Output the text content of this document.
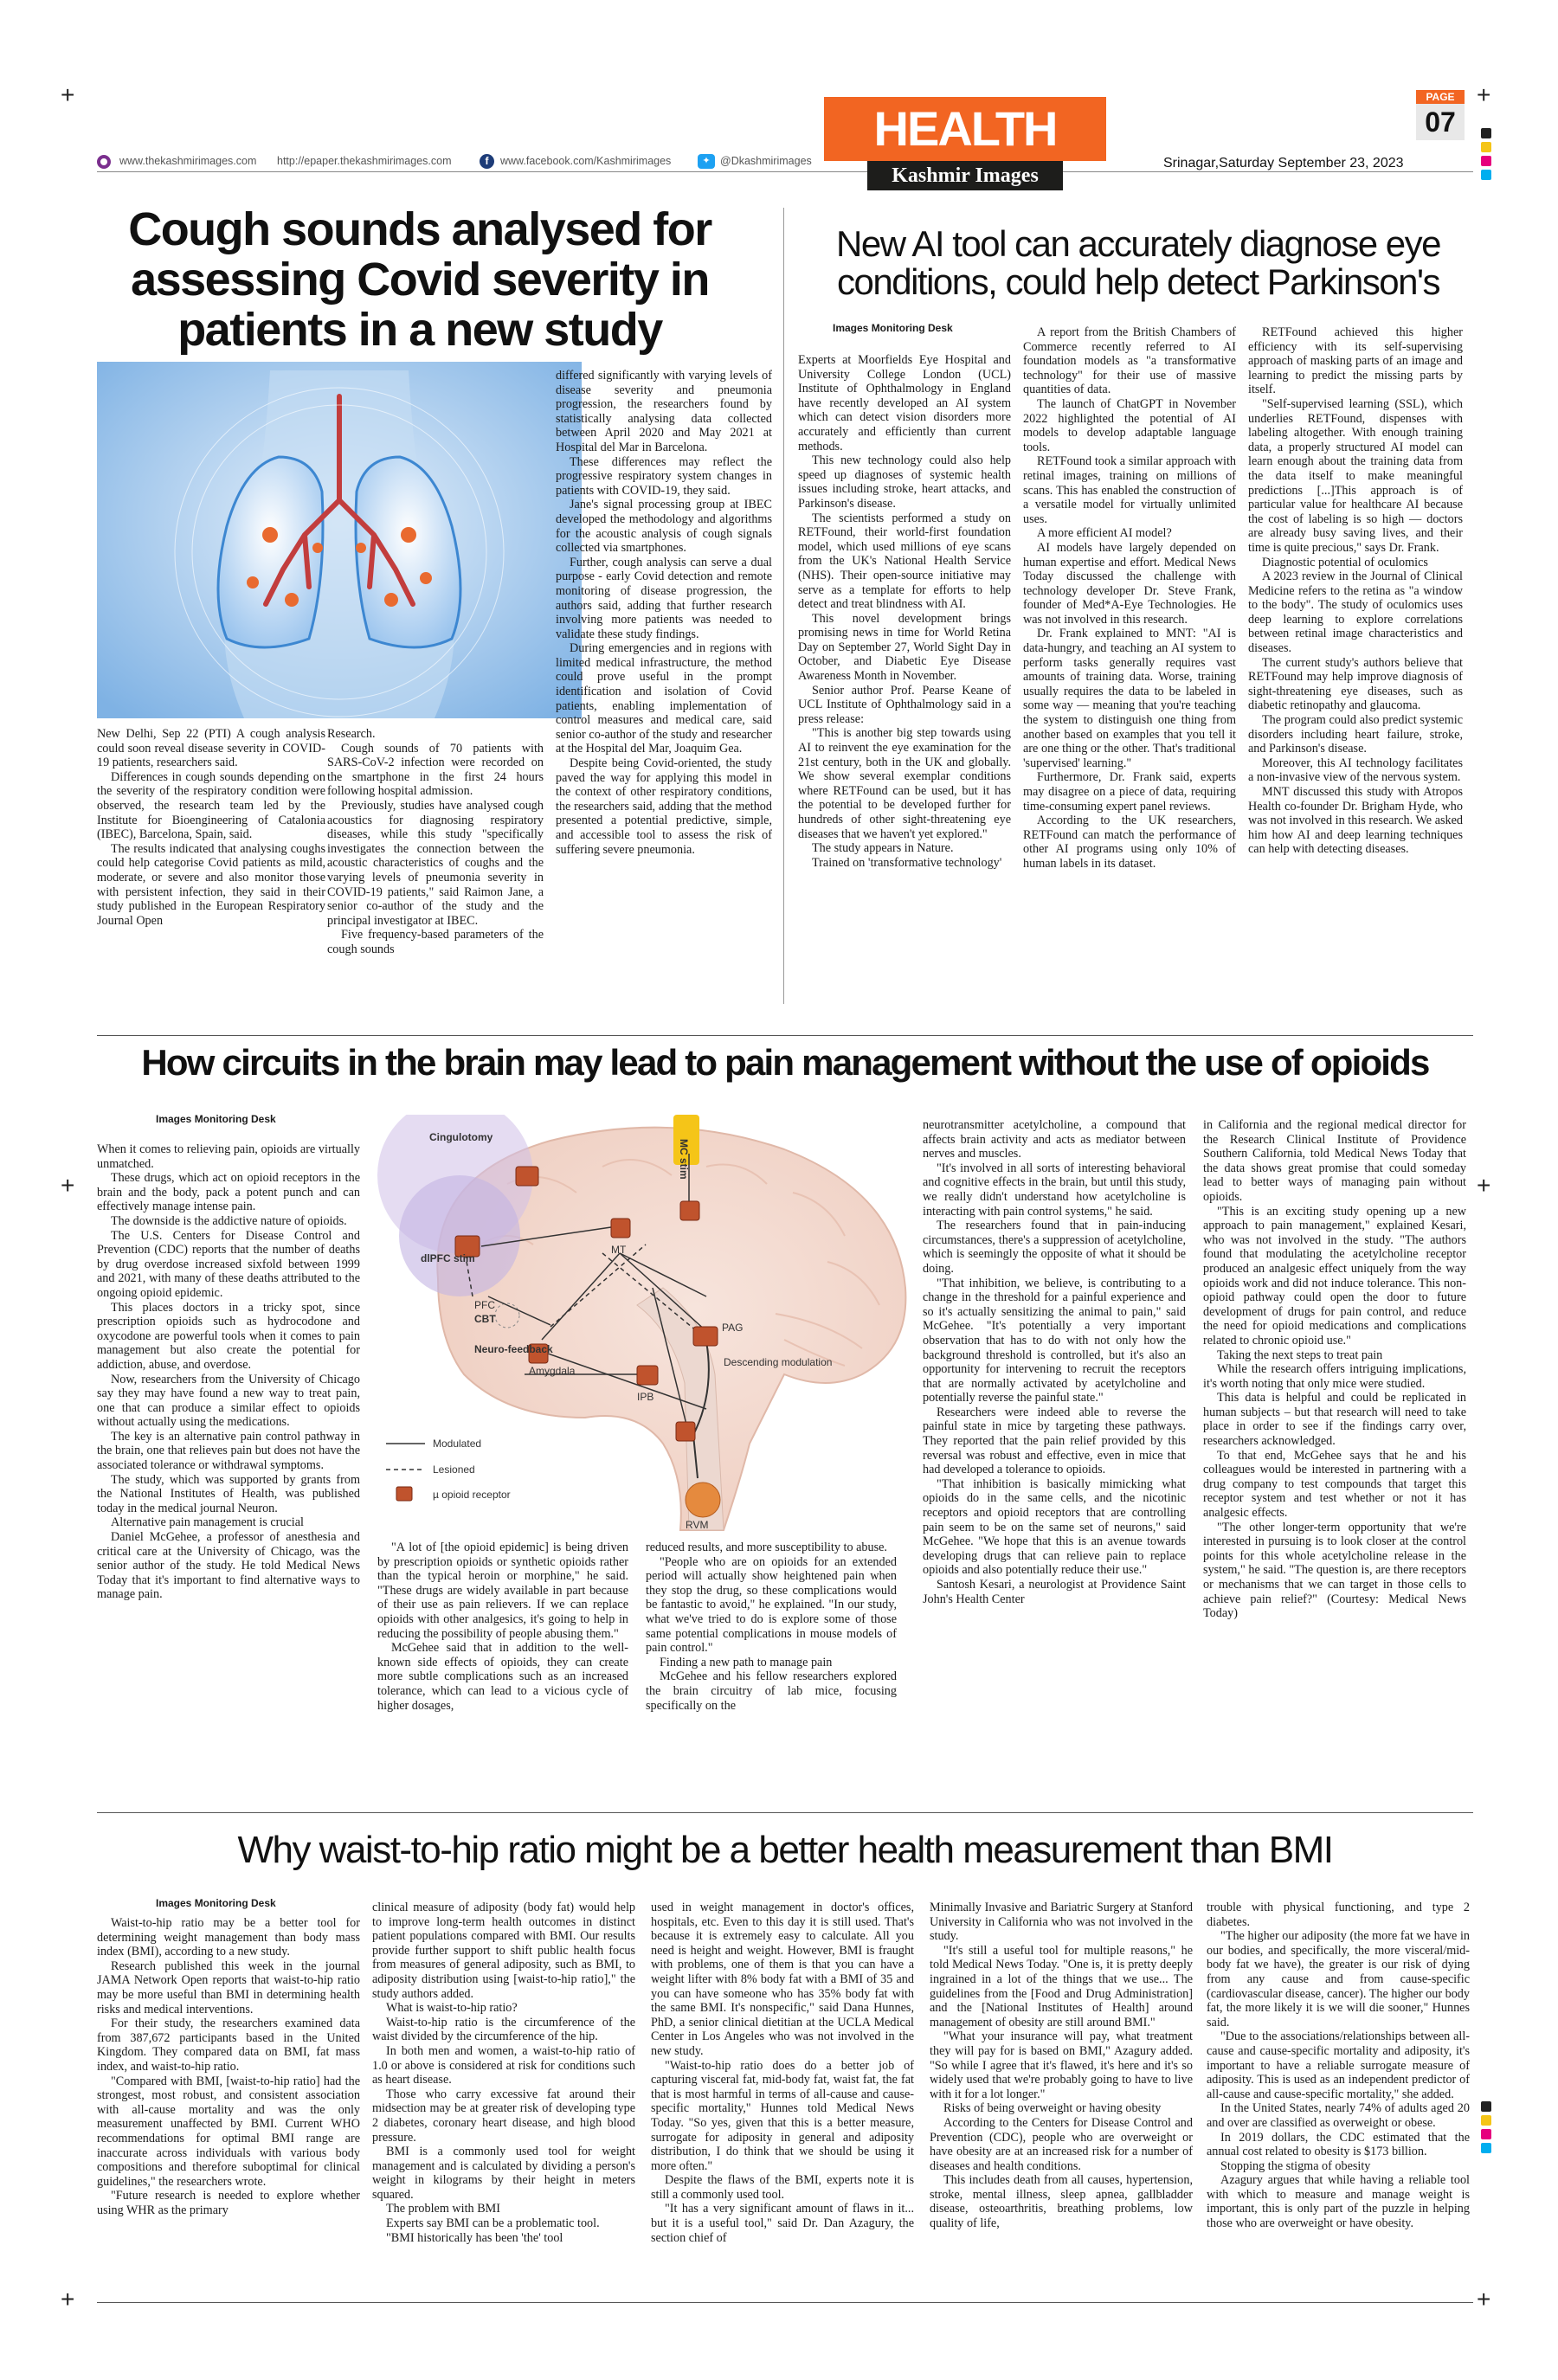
+	+
+	+
+	+
www.thekashmirimages.com http://epaper.thekashmirimages.com	f	www.facebook.com/Kashmirimages	✦ @Dkashmirimages
HEALTH
Kashmir Images
PAGE
07
Srinagar,Saturday September 23, 2023
Cough sounds analysed for assessing Covid severity in patients in a new study

New Delhi, Sep 22 (PTI) A cough analysis could soon reveal disease severity in COVID-19 patients, researchers said.

Differences in cough sounds depending on the severity of the respiratory condition were observed, the research team led by the Institute for Bioengineering of Catalonia (IBEC), Barcelona, Spain, said.

The results indicated that analysing coughs could help categorise Covid patients as mild, moderate, or severe and also monitor those with persistent infection, they said in their study published in the European Respiratory Journal Open

Research.

Cough sounds of 70 patients with SARS-CoV-2 infection were recorded on the smartphone in the first 24 hours following hospital admission.

Previously, studies have analysed cough acoustics for diagnosing respiratory diseases, while this study "specifically investigates the connection between the acoustic characteristics of coughs and the varying levels of pneumonia severity in COVID-19 patients," said Raimon Jane, a senior co-author of the study and the principal investigator at IBEC.

Five frequency-based parameters of the cough sounds

differed significantly with varying levels of disease severity and pneumonia progression, the researchers found by statistically analysing data collected between April 2020 and May 2021 at Hospital del Mar in Barcelona.

These differences may reflect the progressive respiratory system changes in patients with COVID-19, they said.

Jane's signal processing group at IBEC developed the methodology and algorithms for the acoustic analysis of cough signals collected via smartphones.

Further, cough analysis can serve a dual purpose - early Covid detection and remote monitoring of disease progression, the authors said, adding that further research involving more patients was needed to validate these study findings.

During emergencies and in regions with limited medical infrastructure, the method could prove useful in the prompt identification and isolation of Covid patients, enabling implementation of control measures and medical care, said senior co-author of the study and researcher at the Hospital del Mar, Joaquim Gea.

Despite being Covid-oriented, the study paved the way for applying this model in the context of other respiratory conditions, the researchers said, adding that the method presented a potential predictive, simple, and accessible tool to assess the risk of suffering severe pneumonia.

New AI tool can accurately diagnose eye conditions, could help detect Parkinson's
Images Monitoring Desk

Experts at Moorfields Eye Hospital and University College London (UCL) Institute of Ophthalmology in England have recently developed an AI system which can detect vision disorders more accurately and efficiently than current methods.

This new technology could also help speed up diagnoses of systemic health issues including stroke, heart attacks, and Parkinson's disease.

The scientists performed a study on RETFound, their world-first foundation model, which used millions of eye scans from the UK's National Health Service (NHS). Their open-source initiative may serve as a template for efforts to help detect and treat blindness with AI.

This novel development brings promising news in time for World Retina Day on September 27, World Sight Day in October, and Diabetic Eye Disease Awareness Month in November.

Senior author Prof. Pearse Keane of UCL Institute of Ophthalmology said in a press release:

"This is another big step towards using AI to reinvent the eye examination for the 21st century, both in the UK and globally. We show several exemplar conditions where RETFound can be used, but it has the potential to be developed further for hundreds of other sight-threatening eye diseases that we haven't yet explored."

The study appears in Nature.

Trained on 'transformative technology'

A report from the British Chambers of Commerce recently referred to AI foundation models as "a transformative technology" for their use of massive quantities of data.

The launch of ChatGPT in November 2022 highlighted the potential of AI models to develop adaptable language tools.

RETFound took a similar approach with retinal images, training on millions of scans. This has enabled the construction of a versatile model for virtually unlimited uses.

A more efficient AI model?

AI models have largely depended on human expertise and effort. Medical News Today discussed the challenge with technology developer Dr. Steve Frank, founder of Med*A-Eye Technologies. He was not involved in this research.

Dr. Frank explained to MNT: "AI is data-hungry, and teaching an AI system to perform tasks generally requires vast amounts of training data. Worse, training usually requires the data to be labeled in some way — meaning that you're teaching the system to distinguish one thing from another based on examples that you tell it are one thing or the other. That's traditional 'supervised' learning."

Furthermore, Dr. Frank said, experts may disagree on a piece of data, requiring time-consuming expert panel reviews.

According to the UK researchers, RETFound can match the performance of other AI programs using only 10% of human labels in its dataset.

RETFound achieved this higher efficiency with its self-supervising approach of masking parts of an image and learning to predict the missing parts by itself.

"Self-supervised learning (SSL), which underlies RETFound, dispenses with labeling altogether. With enough training data, a properly structured AI model can learn enough about the training data from the data itself to make meaningful predictions [...]This approach is of particular value for healthcare AI because the cost of labeling is so high — doctors are already busy saving lives, and their time is quite precious," says Dr. Frank.

Diagnostic potential of oculomics

A 2023 review in the Journal of Clinical Medicine refers to the retina as "a window to the body". The study of oculomics uses deep learning to explore correlations between retinal image characteristics and diseases.

The current study's authors believe that RETFound may help improve diagnosis of sight-threatening eye diseases, such as diabetic retinopathy and glaucoma.

The program could also predict systemic disorders including heart failure, stroke, and Parkinson's disease.

Moreover, this AI technology facilitates a non-invasive view of the nervous system.

MNT discussed this study with Atropos Health co-founder Dr. Brigham Hyde, who was not involved in this research. We asked him how AI and deep learning techniques can help with detecting diseases.

How circuits in the brain may lead to pain management without the use of opioids
Images Monitoring Desk

When it comes to relieving pain, opioids are virtually unmatched.

These drugs, which act on opioid receptors in the brain and the body, pack a potent punch and can effectively manage intense pain.

The downside is the addictive nature of opioids.

The U.S. Centers for Disease Control and Prevention (CDC) reports that the number of deaths by drug overdose increased sixfold between 1999 and 2021, with many of these deaths attributed to the ongoing opioid epidemic.

This places doctors in a tricky spot, since prescription opioids such as hydrocodone and oxycodone are powerful tools when it comes to pain management but also create the potential for addiction, abuse, and overdose.

Now, researchers from the University of Chicago say they may have found a new way to treat pain, one that can produce a similar effect to opioids without actually using the medications.

The key is an alternative pain control pathway in the brain, one that relieves pain but does not have the associated tolerance or withdrawal symptoms.

The study, which was supported by grants from the National Institutes of Health, was published today in the medical journal Neuron.

Alternative pain management is crucial

Daniel McGehee, a professor of anesthesia and critical care at the University of Chicago, was the senior author of the study. He told Medical News Today that it's important to find alternative ways to manage pain.

Cingulotomy
MC stim
dlPFC stim
PFC
CBT
Neuro-feedback
MT
PAG
Amygdala
Descending modulation
IPB
RVM
Modulated
Lesioned
µ opioid receptor

"A lot of [the opioid epidemic] is being driven by prescription opioids or synthetic opioids rather than the typical heroin or morphine," he said. "These drugs are widely available in part because of their use as pain relievers. If we can replace opioids with other analgesics, it's going to help in reducing the possibility of people abusing them."

McGehee said that in addition to the well-known side effects of opioids, they can create more subtle complications such as an increased tolerance, which can lead to a vicious cycle of higher dosages,

reduced results, and more susceptibility to abuse.

"People who are on opioids for an extended period will actually show heightened pain when they stop the drug, so these complications would be fantastic to avoid," he explained. "In our study, what we've tried to do is explore some of those same potential complications in mouse models of pain control."

Finding a new path to manage pain

McGehee and his fellow researchers explored the brain circuitry of lab mice, focusing specifically on the

neurotransmitter acetylcholine, a compound that affects brain activity and acts as mediator between nerves and muscles.

"It's involved in all sorts of interesting behavioral and cognitive effects in the brain, but until this study, we really didn't understand how acetylcholine is interacting with pain control systems," he said.

The researchers found that in pain-inducing circumstances, there's a suppression of acetylcholine, which is seemingly the opposite of what it should be doing.

"That inhibition, we believe, is contributing to a change in the threshold for a painful experience and so it's actually sensitizing the animal to pain," said McGehee. "It's potentially a very important observation that has to do with not only how the background threshold is controlled, but it's also an opportunity for intervening to recruit the receptors that are normally activated by acetylcholine and potentially reverse the painful state."

Researchers were indeed able to reverse the painful state in mice by targeting these pathways. They reported that the pain relief provided by this reversal was robust and effective, even in mice that had developed a tolerance to opioids.

"That inhibition is basically mimicking what opioids do in the same cells, and the nicotinic receptors and opioid receptors that are controlling pain seem to be on the same set of neurons," said McGehee. "We hope that this is an avenue towards developing drugs that can relieve pain to replace opioids and also potentially reduce their use."

Santosh Kesari, a neurologist at Providence Saint John's Health Center

in California and the regional medical director for the Research Clinical Institute of Providence Southern California, told Medical News Today that the data shows great promise that could someday lead to better ways of managing pain without opioids.

"This is an exciting study opening up a new approach to pain management," explained Kesari, who was not involved in the study. "The authors found that modulating the acetylcholine receptor produced an analgesic effect uniquely from the way opioids work and did not induce tolerance. This non-opioid pathway could open the door to future development of drugs for pain control, and reduce the need for opioid medications and complications related to chronic opioid use."

Taking the next steps to treat pain

While the research offers intriguing implications, it's worth noting that only mice were studied.

This data is helpful and could be replicated in human subjects – but that research will need to take place in order to see if the findings carry over, researchers acknowledged.

To that end, McGehee says that he and his colleagues would be interested in partnering with a drug company to test compounds that target this receptor system and test whether or not it has analgesic effects.

"The other longer-term opportunity that we're interested in pursuing is to look closer at the control points for this whole acetylcholine release in the system," he said. "The question is, are there receptors or mechanisms that we can target in those cells to achieve pain relief?" (Courtesy: Medical News Today)

Why waist-to-hip ratio might be a better health measurement than BMI
Images Monitoring Desk

Waist-to-hip ratio may be a better tool for determining weight management than body mass index (BMI), according to a new study.

Research published this week in the journal JAMA Network Open reports that waist-to-hip ratio may be more useful than BMI in determining health risks and medical interventions.

For their study, the researchers examined data from 387,672 participants based in the United Kingdom. They compared data on BMI, fat mass index, and waist-to-hip ratio.

"Compared with BMI, [waist-to-hip ratio] had the strongest, most robust, and consistent association with all-cause mortality and was the only measurement unaffected by BMI. Current WHO recommendations for optimal BMI range are inaccurate across individuals with various body compositions and therefore suboptimal for clinical guidelines," the researchers wrote.

"Future research is needed to explore whether using WHR as the primary

clinical measure of adiposity (body fat) would help to improve long-term health outcomes in distinct patient populations compared with BMI. Our results provide further support to shift public health focus from measures of general adiposity, such as BMI, to adiposity distribution using [waist-to-hip ratio]," the study authors added.

What is waist-to-hip ratio?

Waist-to-hip ratio is the circumference of the waist divided by the circumference of the hip.

In both men and women, a waist-to-hip ratio of 1.0 or above is considered at risk for conditions such as heart disease.

Those who carry excessive fat around their midsection may be at greater risk of developing type 2 diabetes, coronary heart disease, and high blood pressure.

BMI is a commonly used tool for weight management and is calculated by dividing a person's weight in kilograms by their height in meters squared.

The problem with BMI

Experts say BMI can be a problematic tool.

"BMI historically has been 'the' tool

used in weight management in doctor's offices, hospitals, etc. Even to this day it is still used. That's because it is extremely easy to calculate. All you need is height and weight. However, BMI is fraught with problems, one of them is that you can have a weight lifter with 8% body fat with a BMI of 35 and you can have someone who has 35% body fat with the same BMI. It's nonspecific," said Dana Hunnes, PhD, a senior clinical dietitian at the UCLA Medical Center in Los Angeles who was not involved in the new study.

"Waist-to-hip ratio does do a better job of capturing visceral fat, mid-body fat, waist fat, the fat that is most harmful in terms of all-cause and cause-specific mortality," Hunnes told Medical News Today. "So yes, given that this is a better measure, surrogate for adiposity in general and adiposity distribution, I do think that we should be using it more often."

Despite the flaws of the BMI, experts note it is still a commonly used tool.

"It has a very significant amount of flaws in it... but it is a useful tool," said Dr. Dan Azagury, the section chief of

Minimally Invasive and Bariatric Surgery at Stanford University in California who was not involved in the study.

"It's still a useful tool for multiple reasons," he told Medical News Today. "One is, it is pretty deeply ingrained in a lot of the things that we use... The guidelines from the [Food and Drug Administration] and the [National Institutes of Health] around management of obesity are still around BMI."

"What your insurance will pay, what treatment they will pay for is based on BMI," Azagury added. "So while I agree that it's flawed, it's here and it's so widely used that we're probably going to have to live with it for a lot longer."

Risks of being overweight or having obesity

According to the Centers for Disease Control and Prevention (CDC), people who are overweight or have obesity are at an increased risk for a number of diseases and health conditions.

This includes death from all causes, hypertension, stroke, mental illness, sleep apnea, gallbladder disease, osteoarthritis, breathing problems, low quality of life,

trouble with physical functioning, and type 2 diabetes.

"The higher our adiposity (the more fat we have in our bodies, and specifically, the more visceral/mid-body fat we have), the greater is our risk of dying from any cause and from cause-specific (cardiovascular disease, cancer). The higher our body fat, the more likely it is we will die sooner," Hunnes said.

"Due to the associations/relationships between all-cause and cause-specific mortality and adiposity, it's important to have a reliable surrogate measure of adiposity. This is used as an independent predictor of all-cause and cause-specific mortality," she added.

In the United States, nearly 74% of adults aged 20 and over are classified as overweight or obese.

In 2019 dollars, the CDC estimated that the annual cost related to obesity is $173 billion.

Stopping the stigma of obesity

Azagury argues that while having a reliable tool with which to measure and manage weight is important, this is only part of the puzzle in helping those who are overweight or have obesity.
